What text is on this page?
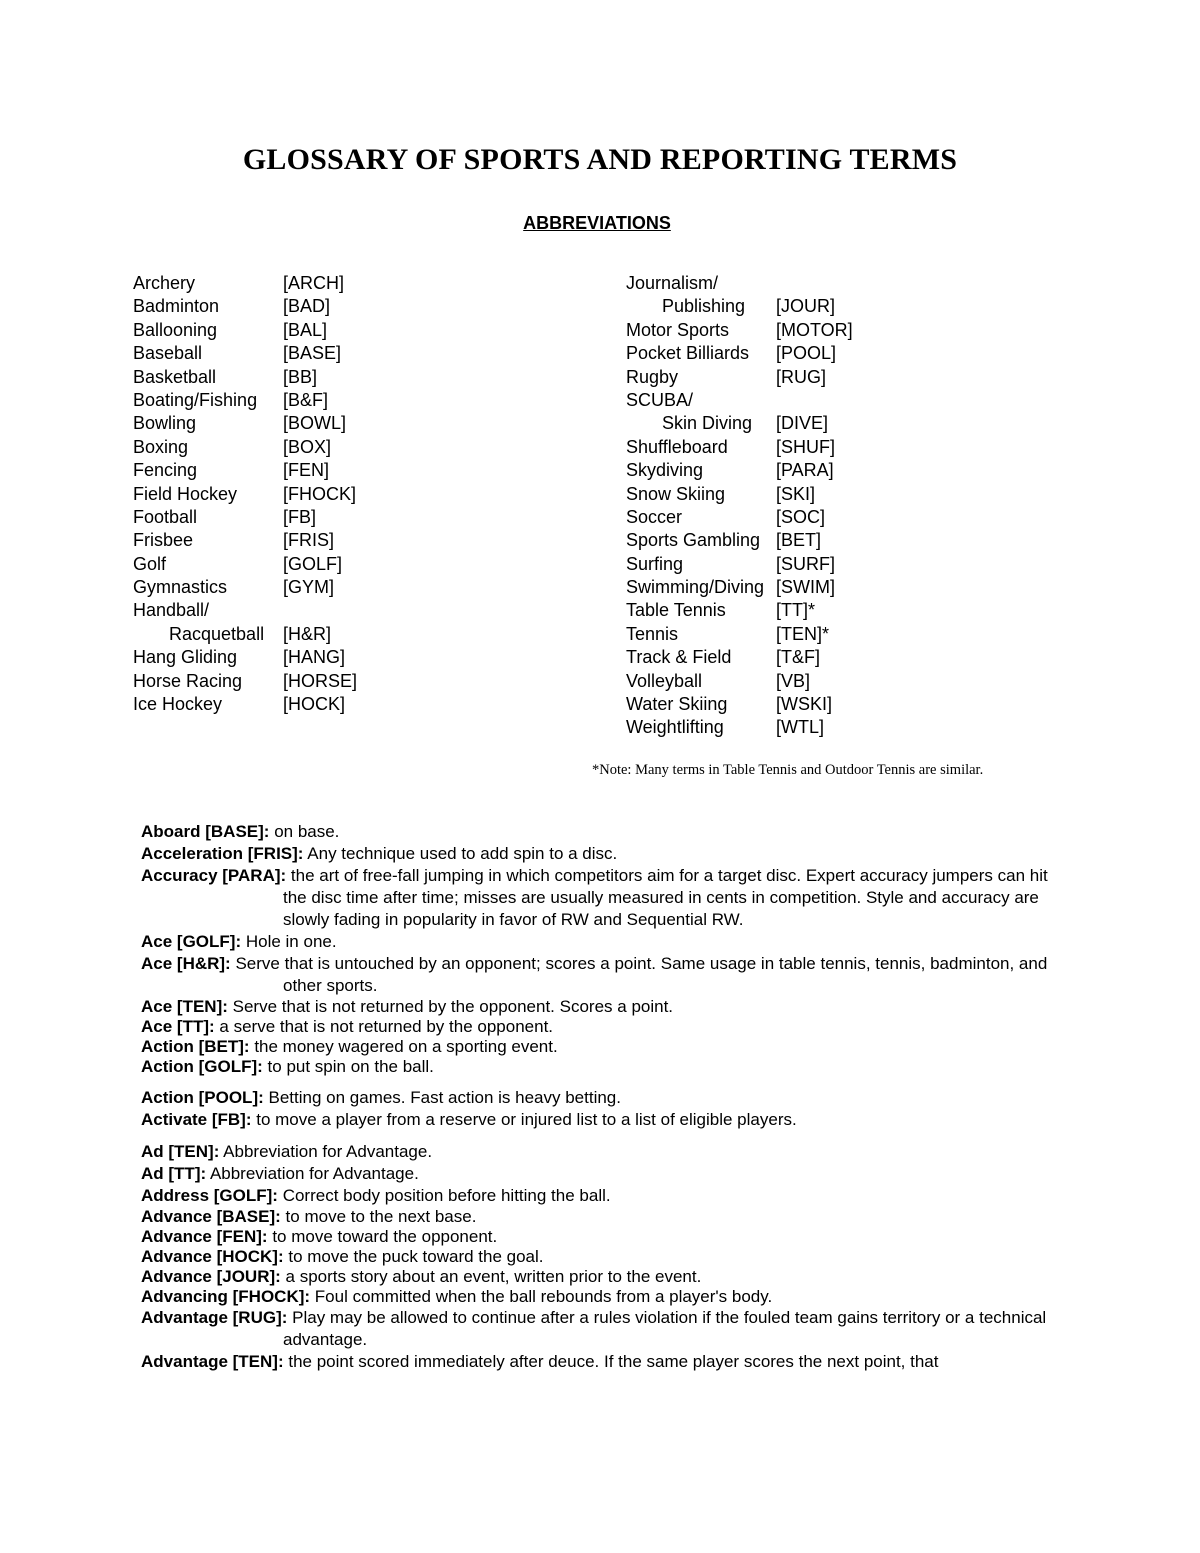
GLOSSARY OF SPORTS AND REPORTING TERMS
ABBREVIATIONS
Archery	[ARCH]
Badminton	[BAD]
Ballooning	[BAL]
Baseball	[BASE]
Basketball	[BB]
Boating/Fishing [B&F]
Bowling	[BOWL]
Boxing	[BOX]
Fencing	[FEN]
Field Hockey	[FHOCK]
Football	[FB]
Frisbee	[FRIS]
Golf	[GOLF]
Gymnastics	[GYM]
Handball/
Racquetball [H&R]
Hang Gliding	[HANG]
Horse Racing [HORSE]
Ice Hockey	[HOCK]
Journalism/
Publishing [JOUR]
Motor Sports	[MOTOR]
Pocket Billiards [POOL]
Rugby	[RUG]
SCUBA/
Skin Diving [DIVE]
Shuffleboard	[SHUF]
Skydiving	[PARA]
Snow Skiing	[SKI]
Soccer	[SOC]
Sports Gambling [BET]
Surfing	[SURF]
Swimming/Diving [SWIM]
Table Tennis	[TT]*
Tennis	[TEN]*
Track & Field [T&F]
Volleyball	[VB]
Water Skiing	[WSKI]
Weightlifting	[WTL]
*Note: Many terms in Table Tennis and Outdoor Tennis are similar.
Aboard [BASE]: on base.
Acceleration [FRIS]: Any technique used to add spin to a disc.
Accuracy [PARA]: the art of free-fall jumping in which competitors aim for a target disc. Expert accuracy jumpers can hit the disc time after time; misses are usually measured in cents in competition. Style and accuracy are slowly fading in popularity in favor of RW and Sequential RW.
Ace [GOLF]: Hole in one.
Ace [H&R]: Serve that is untouched by an opponent; scores a point. Same usage in table tennis, tennis, badminton, and other sports.
Ace [TEN]: Serve that is not returned by the opponent. Scores a point.
Ace [TT]: a serve that is not returned by the opponent.
Action [BET]: the money wagered on a sporting event.
Action [GOLF]: to put spin on the ball.
Action [POOL]: Betting on games. Fast action is heavy betting.
Activate [FB]: to move a player from a reserve or injured list to a list of eligible players.
Ad [TEN]: Abbreviation for Advantage.
Ad [TT]: Abbreviation for Advantage.
Address [GOLF]: Correct body position before hitting the ball.
Advance [BASE]: to move to the next base.
Advance [FEN]: to move toward the opponent.
Advance [HOCK]: to move the puck toward the goal.
Advance [JOUR]: a sports story about an event, written prior to the event.
Advancing [FHOCK]: Foul committed when the ball rebounds from a player's body.
Advantage [RUG]: Play may be allowed to continue after a rules violation if the fouled team gains territory or a technical advantage.
Advantage [TEN]: the point scored immediately after deuce. If the same player scores the next point, that
